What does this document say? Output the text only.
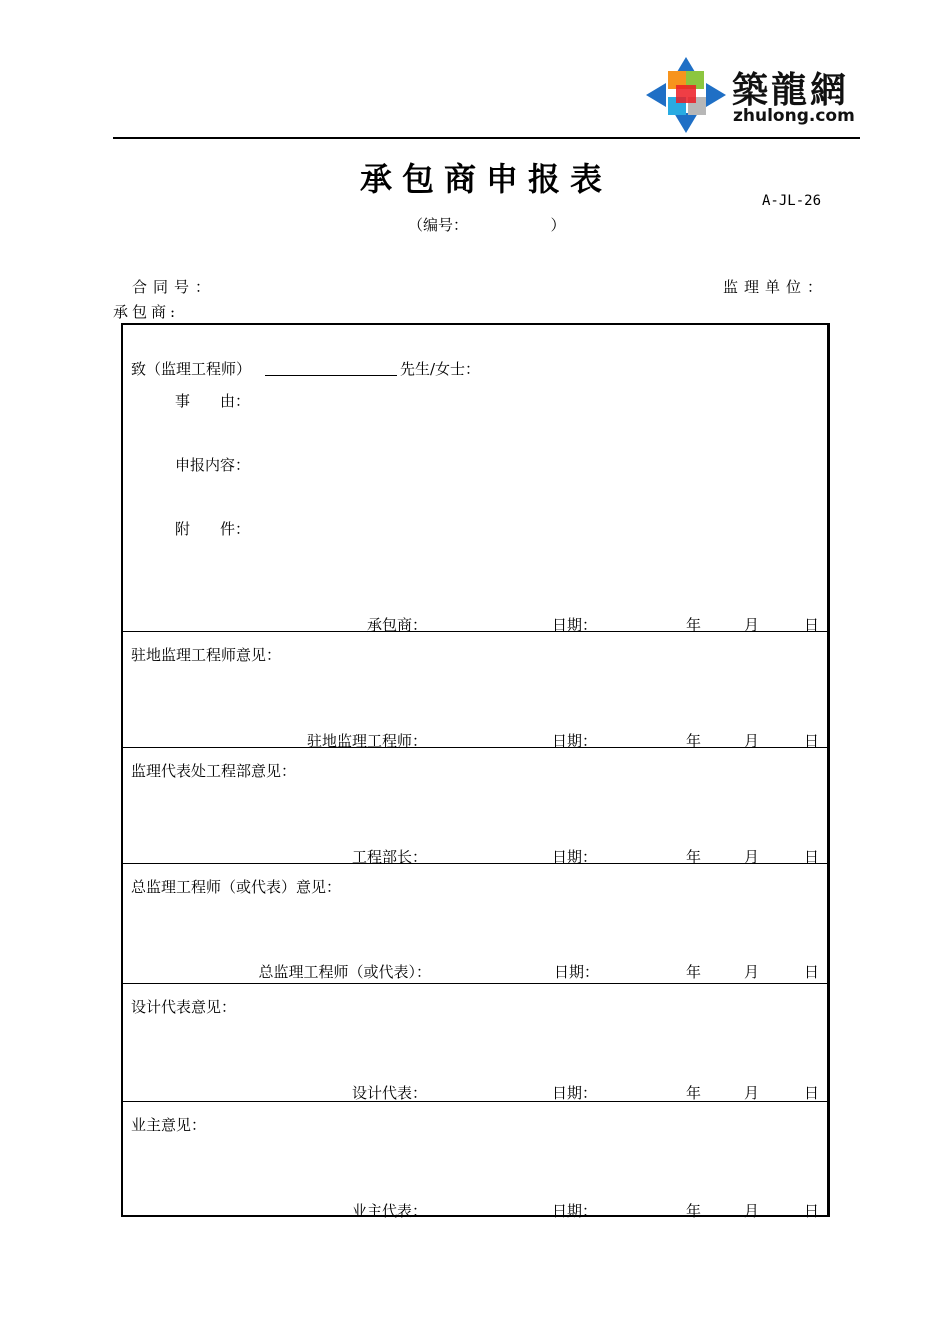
築龍網
zhulong.com
承包商申报表
A-JL-26
（编号：　　　　　　）
合同号：	监理单位：
承包商:
致（监理工程师）	先生/女士：
事　　由：
申报内容：
附　　件：
承包商：	日期：	年	月	日
驻地监理工程师意见：
驻地监理工程师：	日期：	年	月	日
监理代表处工程部意见：
工程部长：	日期：	年	月	日
总监理工程师（或代表）意见：
总监理工程师（或代表）：	日期：	年	月	日
设计代表意见：
设计代表：	日期：	年	月	日
业主意见：
业主代表：	日期：	年	月	日
